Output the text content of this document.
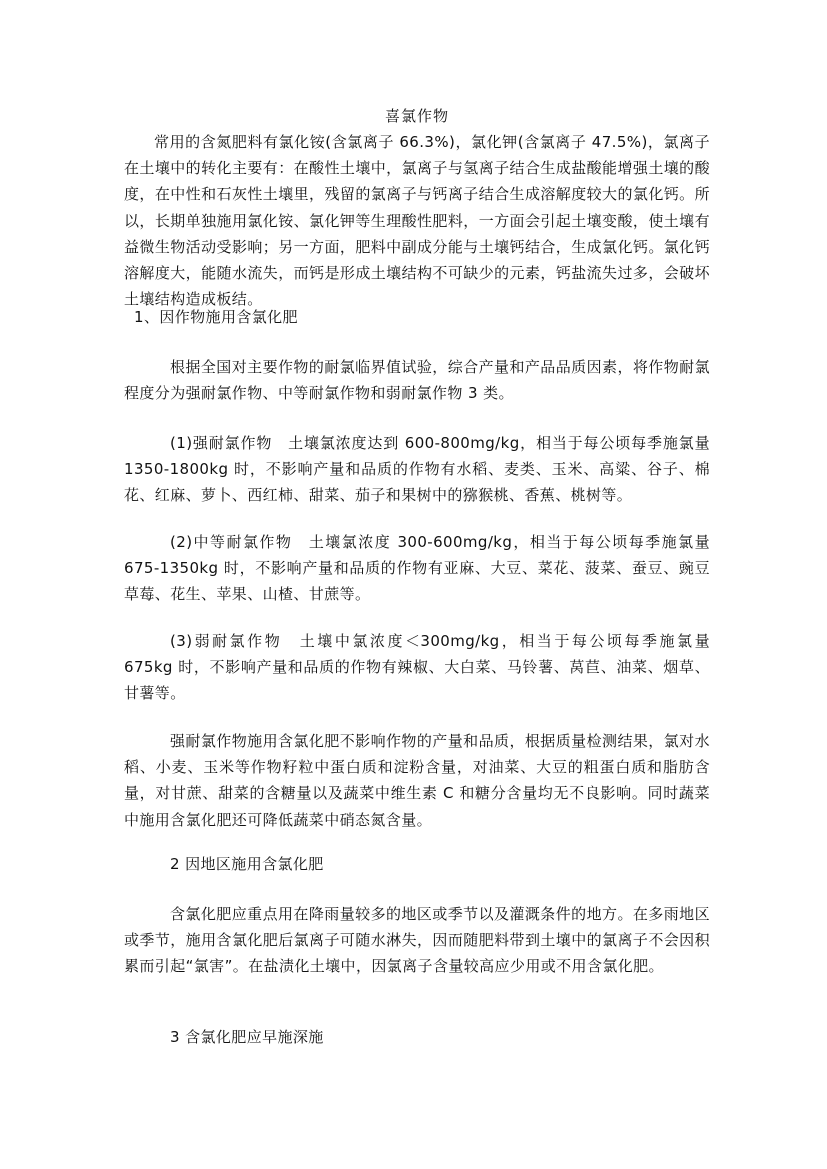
喜氯作物

常用的含氮肥料有氯化铵(含氯离子 66.3%)，氯化钾(含氯离子 47.5%)，氯离子在土壤中的转化主要有：在酸性土壤中，氯离子与氢离子结合生成盐酸能增强土壤的酸度，在中性和石灰性土壤里，残留的氯离子与钙离子结合生成溶解度较大的氯化钙。所以，长期单独施用氯化铵、氯化钾等生理酸性肥料，一方面会引起土壤变酸，使土壤有益微生物活动受影响；另一方面，肥料中副成分能与土壤钙结合，生成氯化钙。氯化钙溶解度大，能随水流失，而钙是形成土壤结构不可缺少的元素，钙盐流失过多，会破坏土壤结构造成板结。

1、因作物施用含氯化肥

根据全国对主要作物的耐氯临界值试验，综合产量和产品品质因素，将作物耐氯程度分为强耐氯作物、中等耐氯作物和弱耐氯作物 3 类。

(1)强耐氯作物　土壤氯浓度达到 600-800mg/kg，相当于每公顷每季施氯量 1350-1800kg 时，不影响产量和品质的作物有水稻、麦类、玉米、高粱、谷子、棉花、红麻、萝卜、西红柿、甜菜、茄子和果树中的猕猴桃、香蕉、桃树等。

(2)中等耐氯作物　土壤氯浓度 300-600mg/kg，相当于每公顷每季施氯量 675-1350kg 时，不影响产量和品质的作物有亚麻、大豆、菜花、菠菜、蚕豆、豌豆草莓、花生、苹果、山楂、甘蔗等。

(3)弱耐氯作物　土壤中氯浓度＜300mg/kg，相当于每公顷每季施氯量 675kg 时，不影响产量和品质的作物有辣椒、大白菜、马铃薯、莴苣、油菜、烟草、甘薯等。

强耐氯作物施用含氯化肥不影响作物的产量和品质，根据质量检测结果，氯对水稻、小麦、玉米等作物籽粒中蛋白质和淀粉含量，对油菜、大豆的粗蛋白质和脂肪含量，对甘蔗、甜菜的含糖量以及蔬菜中维生素 C 和糖分含量均无不良影响。同时蔬菜中施用含氯化肥还可降低蔬菜中硝态氮含量。

2 因地区施用含氯化肥

含氯化肥应重点用在降雨量较多的地区或季节以及灌溉条件的地方。在多雨地区或季节，施用含氯化肥后氯离子可随水淋失，因而随肥料带到土壤中的氯离子不会因积累而引起“氯害”。在盐渍化土壤中，因氯离子含量较高应少用或不用含氯化肥。

3 含氯化肥应早施深施
